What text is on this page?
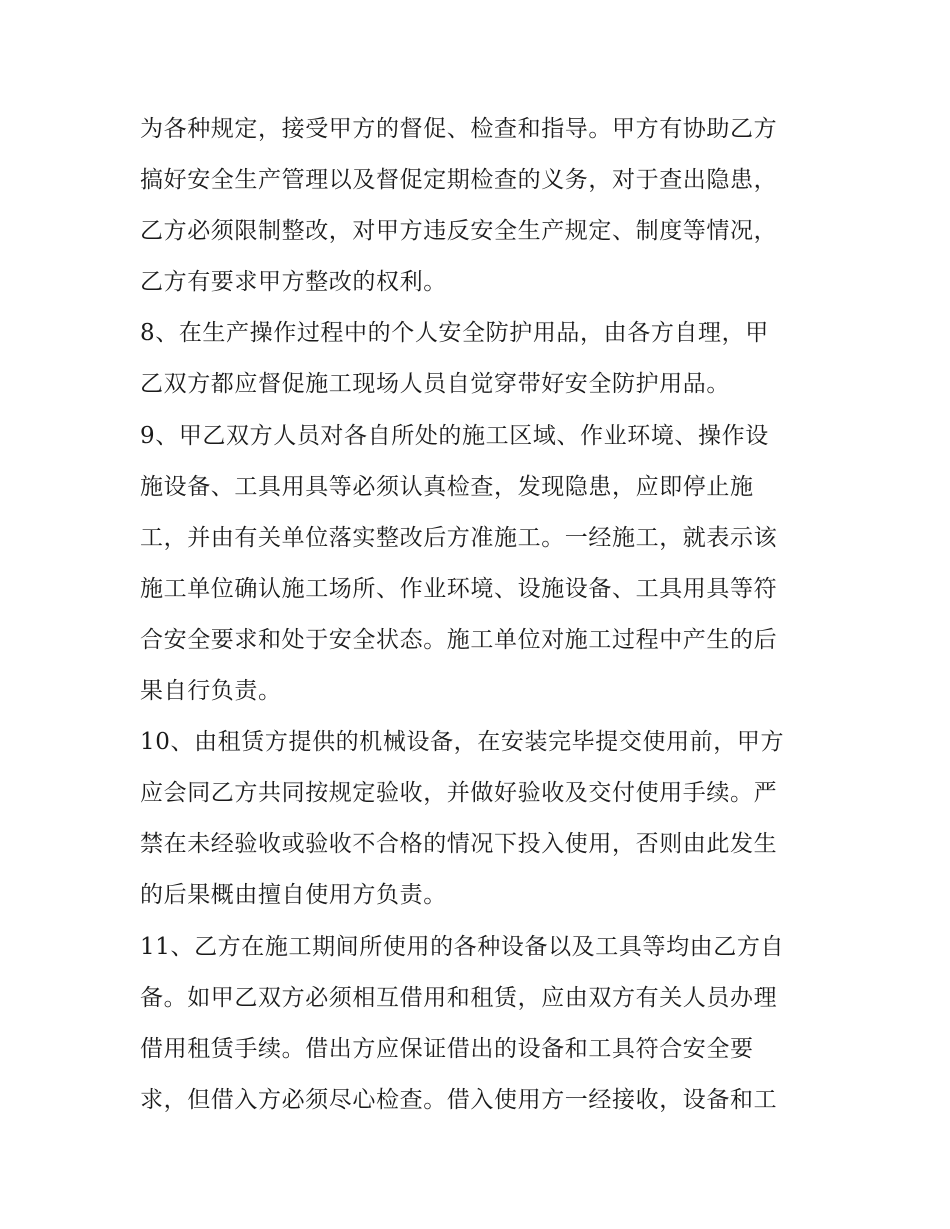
为各种规定，接受甲方的督促、检查和指导。甲方有协助乙方
搞好安全生产管理以及督促定期检查的义务，对于查出隐患，
乙方必须限制整改，对甲方违反安全生产规定、制度等情况，
乙方有要求甲方整改的权利。
8、在生产操作过程中的个人安全防护用品，由各方自理，甲
乙双方都应督促施工现场人员自觉穿带好安全防护用品。
9、甲乙双方人员对各自所处的施工区域、作业环境、操作设
施设备、工具用具等必须认真检查，发现隐患，应即停止施
工，并由有关单位落实整改后方准施工。一经施工，就表示该
施工单位确认施工场所、作业环境、设施设备、工具用具等符
合安全要求和处于安全状态。施工单位对施工过程中产生的后
果自行负责。
10、由租赁方提供的机械设备，在安装完毕提交使用前，甲方
应会同乙方共同按规定验收，并做好验收及交付使用手续。严
禁在未经验收或验收不合格的情况下投入使用，否则由此发生
的后果概由擅自使用方负责。
11、乙方在施工期间所使用的各种设备以及工具等均由乙方自
备。如甲乙双方必须相互借用和租赁，应由双方有关人员办理
借用租赁手续。借出方应保证借出的设备和工具符合安全要
求，但借入方必须尽心检查。借入使用方一经接收，设备和工
